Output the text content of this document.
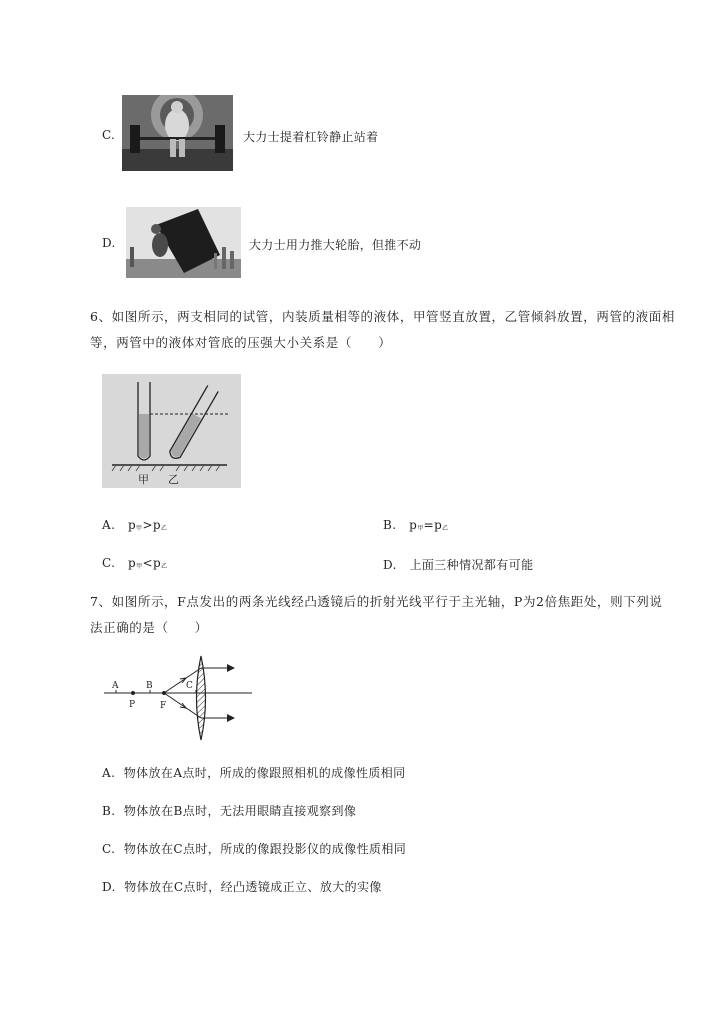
C.	大力士提着杠铃静止站着
D.	大力士用力推大轮胎，但推不动
6、如图所示，两支相同的试管，内装质量相等的液体，甲管竖直放置，乙管倾斜放置，两管的液面相
等，两管中的液体对管底的压强大小关系是（　　）
甲 乙
A. $p_甲>p_乙$	B. $p_甲=p_乙$
C. $p_甲<p_乙$	D. 上面三种情况都有可能
7、如图所示，F点发出的两条光线经凸透镜后的折射光线平行于主光轴，P为2倍焦距处，则下列说
法正确的是（　　）
A	B	C
P	F
A. 物体放在A点时，所成的像跟照相机的成像性质相同
B. 物体放在B点时，无法用眼睛直接观察到像
C. 物体放在C点时，所成的像跟投影仪的成像性质相同
D. 物体放在C点时，经凸透镜成正立、放大的实像
